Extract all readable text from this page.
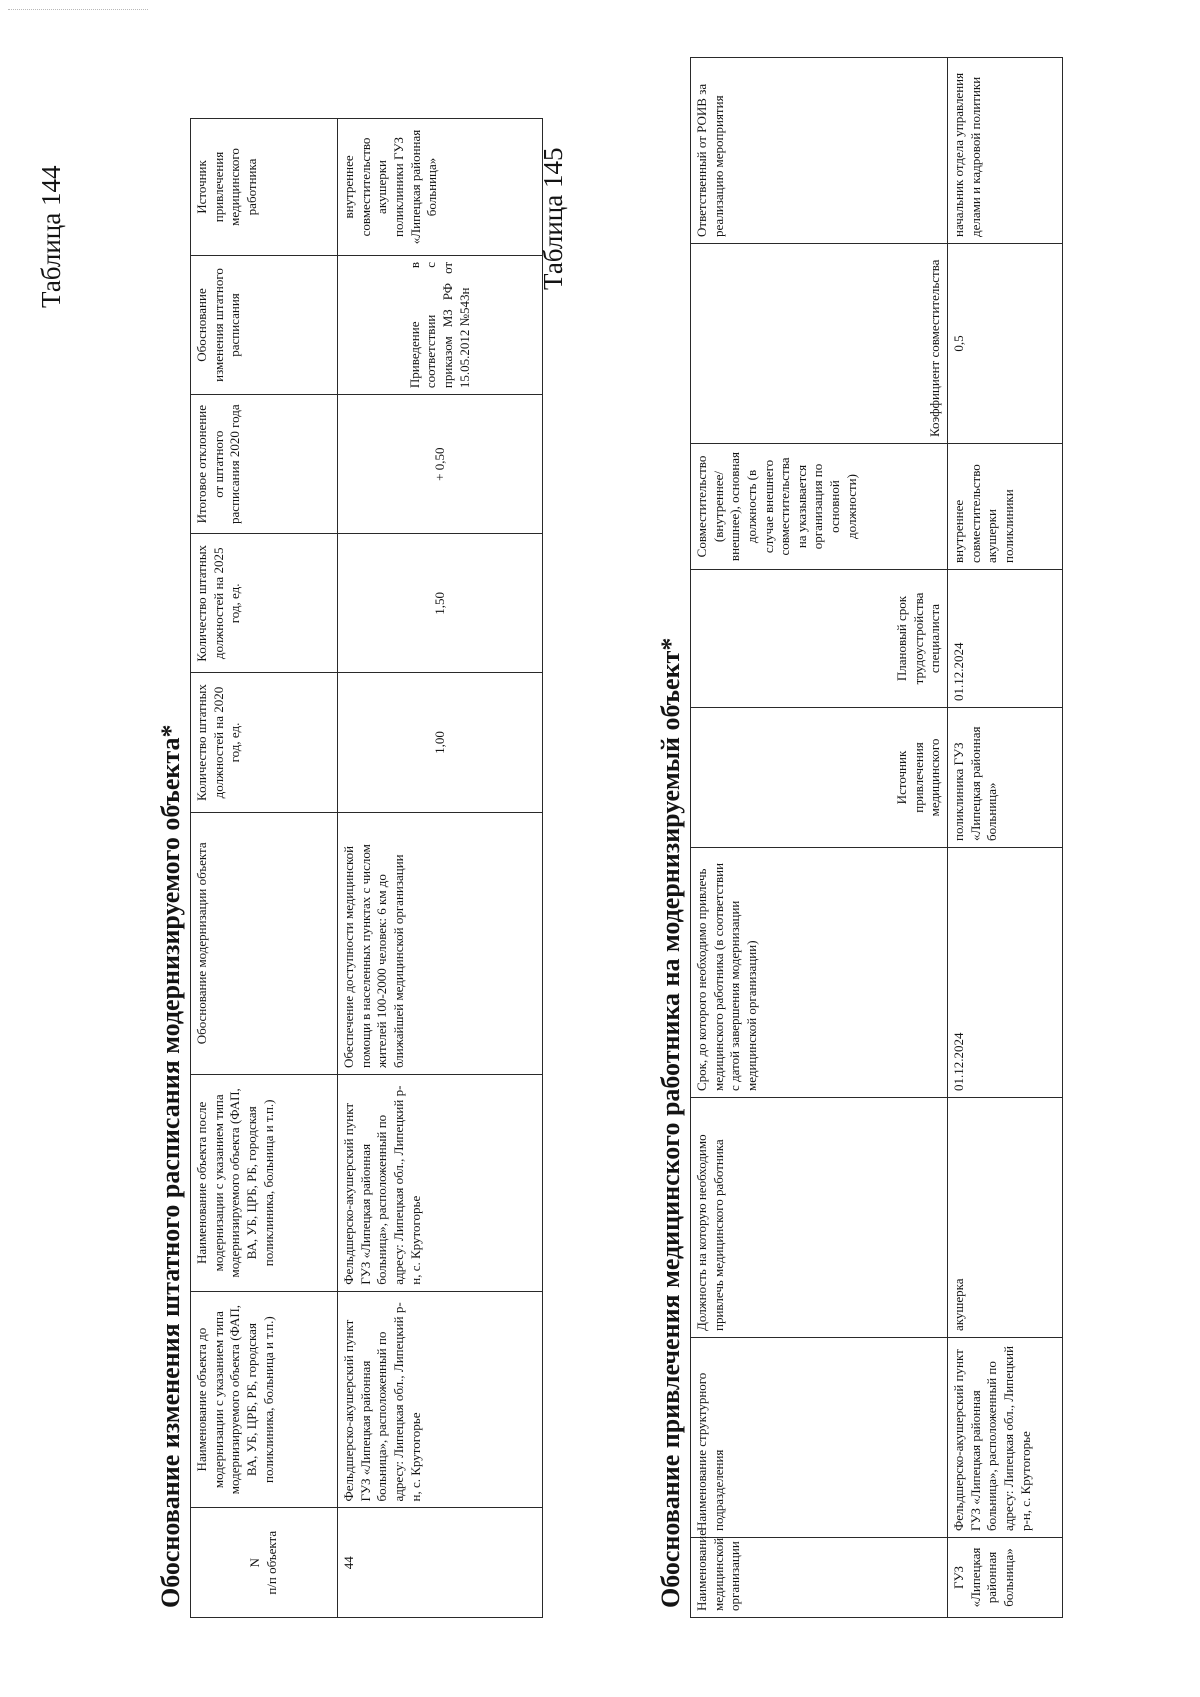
Таблица 144
Обоснование изменения штатного расписания модернизируемого объекта*	N п/п объекта	Наименование объекта до модернизации с указанием типа модернизируемого объекта (ФАП, ВА, УБ, ЦРБ, РБ, городская поликлиника, больница и т.п.)	Наименование объекта после модернизации с указанием типа модернизируемого объекта (ФАП, ВА, УБ, ЦРБ, РБ, городская поликлиника, больница и т.п.)	Обоснование модернизации объекта	Количество штатных должностей на 2020 год, ед.	Количество штатных должностей на 2025 год, ед.	Итоговое отклонение от штатного расписания 2020 года	Обоснование изменения штатного расписания	Источник привлечения медицинского работника
44	Фельдшерско-акушерский пункт ГУЗ «Липецкая районная больница», расположенный по адресу: Липецкая обл., Липецкий р-н, с. Крутогорье	Фельдшерско-акушерский пункт ГУЗ «Липецкая районная больница», расположенный по адресу: Липецкая обл., Липецкий р-н, с. Крутогорье	Обеспечение доступности медицинской помощи в населенных пунктах с числом жителей 100-2000 человек: 6 км до ближайшей медицинской организации	1,00	1,50	+ 0,50	Приведение в соответствии с приказом МЗ РФ от 15.05.2012 №543н	внутреннее совместительство акушерки поликлиники ГУЗ «Липецкая районная больница»	Таблица 145
Обоснование привлечения медицинского работника на модернизируемый объект* Наименование медицинской организации	Наименование структурного подразделения	Должность на которую необходимо привлечь медицинского работника	Срок, до которого необходимо привлечь медицинского работника (в соответствии с датой завершения модернизации медицинской организации)	Источник привлечения медицинского	Плановый срок трудоустройства специалиста	Совместительство (внутреннее/внешнее), основная должность (в случае внешнего совместительства на указывается организация по основной должности)	Коэффициент совместительства	Ответственный от РОИВ за реализацию мероприятия
ГУЗ «Липецкая районная больница»	Фельдшерско-акушерский пункт ГУЗ «Липецкая районная больница», расположенный по адресу: Липецкая обл., Липецкий р-н, с. Крутогорье	акушерка	01.12.2024	поликлиника ГУЗ «Липецкая районная больница»	01.12.2024	внутреннее совместительство акушерки поликлиники	0,5	начальник отдела управления делами и кадровой политики
